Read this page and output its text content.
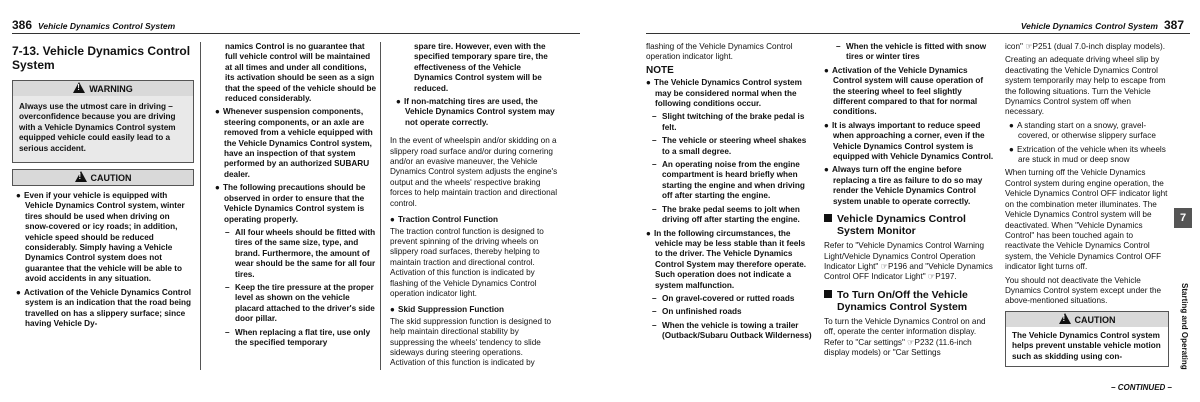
386 Vehicle Dynamics Control System
7-13. Vehicle Dynamics Control System
! WARNING
Always use the utmost care in driving – overconfidence because you are driving with a Vehicle Dynamics Control system equipped vehicle could easily lead to a serious accident.
! CAUTION
● Even if your vehicle is equipped with Vehicle Dynamics Control system, winter tires should be used when driving on snow-covered or icy roads; in addition, vehicle speed should be reduced considerably. Simply having a Vehicle Dynamics Control system does not guarantee that the vehicle will be able to avoid accidents in any situation.
● Activation of the Vehicle Dynamics Control system is an indication that the road being travelled on has a slippery surface; since having Vehicle Dy-

namics Control is no guarantee that full vehicle control will be maintained at all times and under all conditions, its activation should be seen as a sign that the speed of the vehicle should be reduced considerably.

● Whenever suspension components, steering components, or an axle are removed from a vehicle equipped with the Vehicle Dynamics Control system, have an inspection of that system performed by an authorized SUBARU dealer.
● The following precautions should be observed in order to ensure that the Vehicle Dynamics Control system is operating properly.
– All four wheels should be fitted with tires of the same size, type, and brand. Furthermore, the amount of wear should be the same for all four tires.
– Keep the tire pressure at the proper level as shown on the vehicle placard attached to the driver's side door pillar.
– When replacing a flat tire, use only the specified temporary
spare tire. However, even with the specified temporary spare tire, the effectiveness of the Vehicle Dynamics Control system will be reduced.
● If non-matching tires are used, the Vehicle Dynamics Control system may not operate correctly.

In the event of wheelspin and/or skidding on a slippery road surface and/or during cornering and/or an evasive maneuver, the Vehicle Dynamics Control system adjusts the engine's output and the wheels' respective braking forces to help maintain traction and directional control.

● Traction Control Function

The traction control function is designed to prevent spinning of the driving wheels on slippery road surfaces, thereby helping to maintain traction and directional control. Activation of this function is indicated by flashing of the Vehicle Dynamics Control operation indicator light.

● Skid Suppression Function

The skid suppression function is designed to help maintain directional stability by suppressing the wheels' tendency to slide sideways during steering operations. Activation of this function is indicated by

Vehicle Dynamics Control System 387

flashing of the Vehicle Dynamics Control operation indicator light.

NOTE
● The Vehicle Dynamics Control system may be considered normal when the following conditions occur.
– Slight twitching of the brake pedal is felt.
– The vehicle or steering wheel shakes to a small degree.
– An operating noise from the engine compartment is heard briefly when starting the engine and when driving off after starting the engine.
– The brake pedal seems to jolt when driving off after starting the engine.
● In the following circumstances, the vehicle may be less stable than it feels to the driver. The Vehicle Dynamics Control System may therefore operate. Such operation does not indicate a system malfunction.
– On gravel-covered or rutted roads
– On unfinished roads
– When the vehicle is towing a trailer (Outback/Subaru Outback Wilderness)
– When the vehicle is fitted with snow tires or winter tires
● Activation of the Vehicle Dynamics Control system will cause operation of the steering wheel to feel slightly different compared to that for normal conditions.
● It is always important to reduce speed when approaching a corner, even if the Vehicle Dynamics Control system is equipped with Vehicle Dynamics Control.
● Always turn off the engine before replacing a tire as failure to do so may render the Vehicle Dynamics Control system unable to operate correctly.
Vehicle Dynamics Control System Monitor

Refer to "Vehicle Dynamics Control Warning Light/Vehicle Dynamics Control Operation Indicator Light" ☞P196 and "Vehicle Dynamics Control OFF Indicator Light" ☞P197.

To Turn On/Off the Vehicle Dynamics Control System

To turn the Vehicle Dynamics Control on and off, operate the center information display. Refer to "Car settings" ☞P232 (11.6-inch display models) or "Car Settings

icon" ☞P251 (dual 7.0-inch display models).

Creating an adequate driving wheel slip by deactivating the Vehicle Dynamics Control system temporarily may help to escape from the following situations. Turn the Vehicle Dynamics Control system off when necessary.

● A standing start on a snowy, gravel-covered, or otherwise slippery surface
● Extrication of the vehicle when its wheels are stuck in mud or deep snow

When turning off the Vehicle Dynamics Control system during engine operation, the Vehicle Dynamics Control OFF indicator light on the combination meter illuminates. The Vehicle Dynamics Control system will be deactivated. When "Vehicle Dynamics Control" has been touched again to reactivate the Vehicle Dynamics Control system, the Vehicle Dynamics Control OFF indicator light turns off.

You should not deactivate the Vehicle Dynamics Control system except under the above-mentioned situations.

! CAUTION
The Vehicle Dynamics Control system helps prevent unstable vehicle motion such as skidding using con-
7
Starting and Operating
– CONTINUED –
